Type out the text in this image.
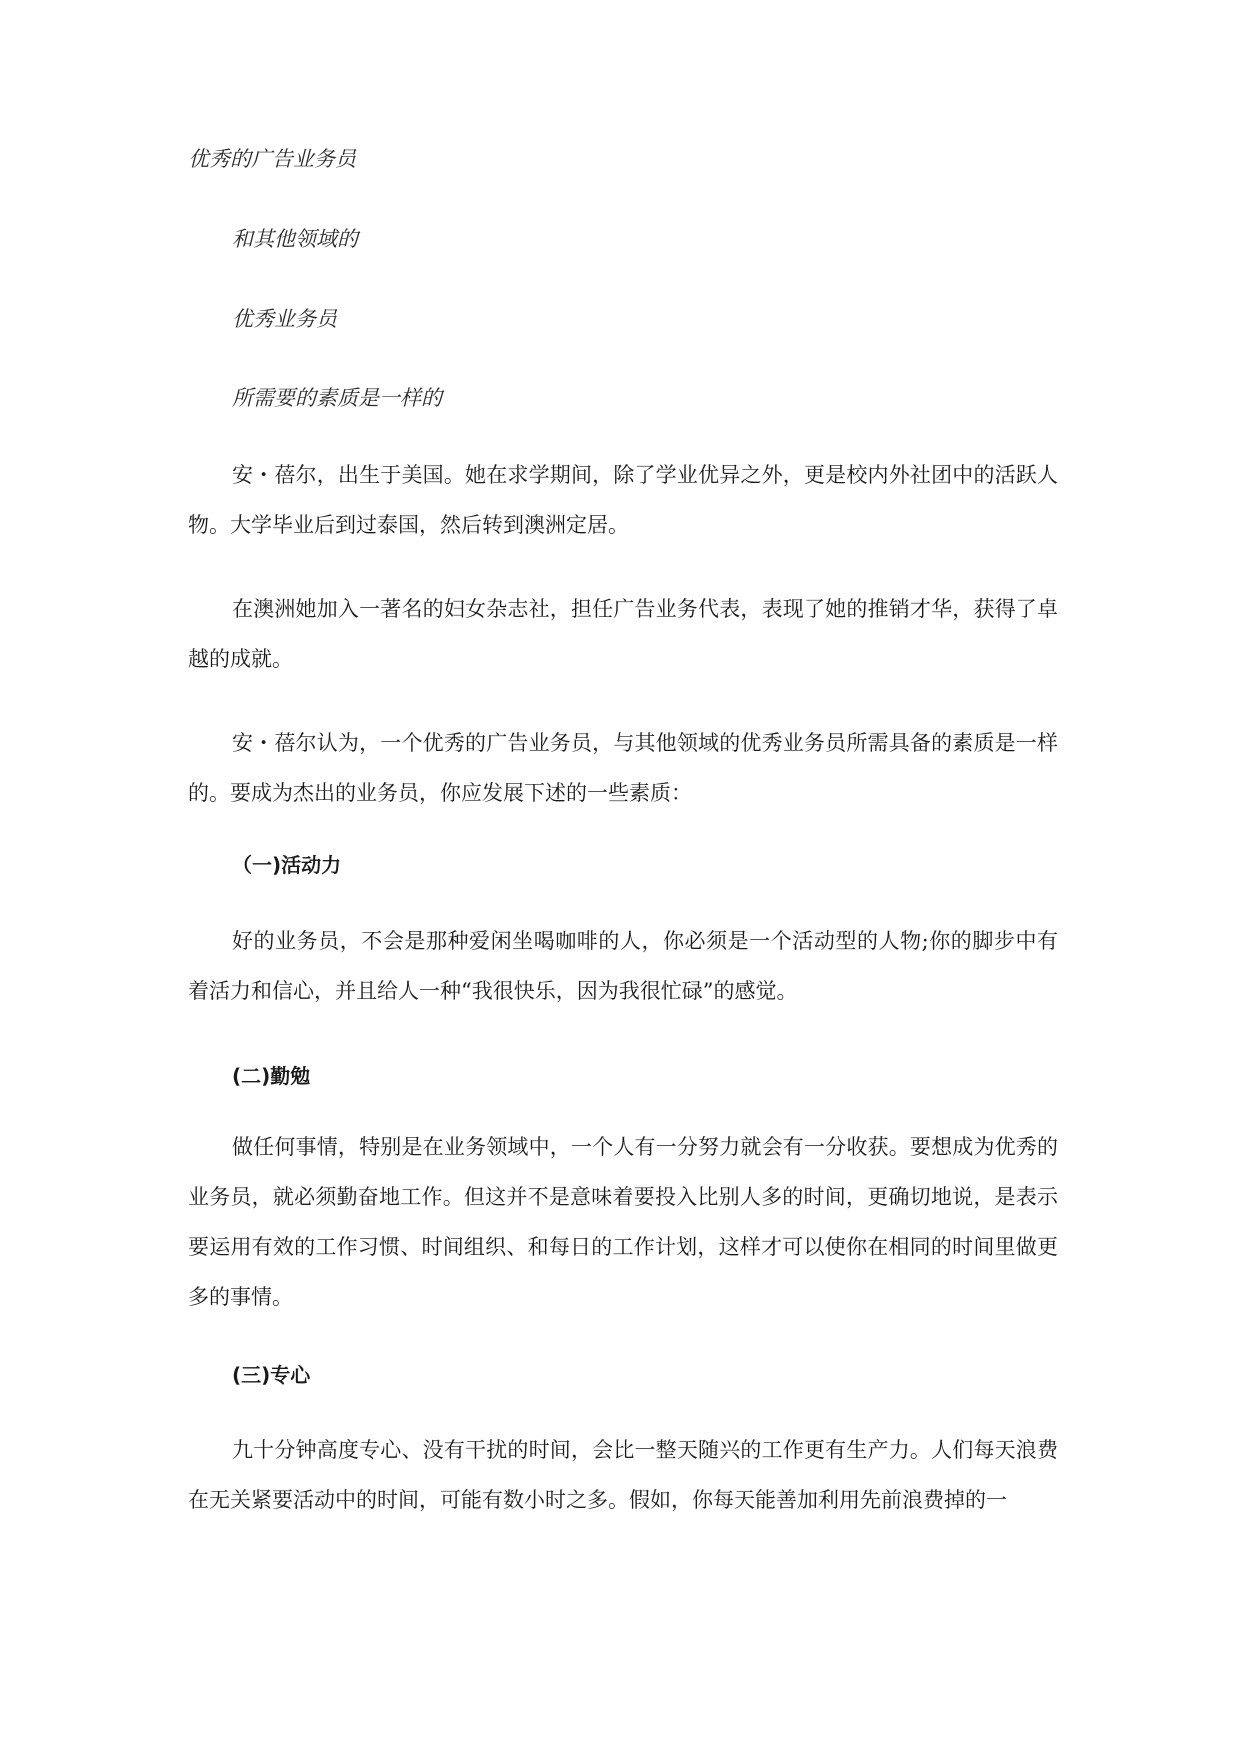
优秀的广告业务员

和其他领域的

优秀业务员

所需要的素质是一样的

安・蓓尔，出生于美国。她在求学期间，除了学业优异之外，更是校内外社团中的活跃人物。大学毕业后到过泰国，然后转到澳洲定居。

在澳洲她加入一著名的妇女杂志社，担任广告业务代表，表现了她的推销才华，获得了卓越的成就。

安・蓓尔认为，一个优秀的广告业务员，与其他领域的优秀业务员所需具备的素质是一样的。要成为杰出的业务员，你应发展下述的一些素质：

（一)活动力

好的业务员，不会是那种爱闲坐喝咖啡的人，你必须是一个活动型的人物;你的脚步中有着活力和信心，并且给人一种“我很快乐，因为我很忙碌”的感觉。

(二)勤勉

做任何事情，特别是在业务领域中，一个人有一分努力就会有一分收获。要想成为优秀的业务员，就必须勤奋地工作。但这并不是意味着要投入比别人多的时间，更确切地说，是表示要运用有效的工作习惯、时间组织、和每日的工作计划，这样才可以使你在相同的时间里做更多的事情。

(三)专心

九十分钟高度专心、没有干扰的时间，会比一整天随兴的工作更有生产力。人们每天浪费在无关紧要活动中的时间，可能有数小时之多。假如，你每天能善加利用先前浪费掉的一
